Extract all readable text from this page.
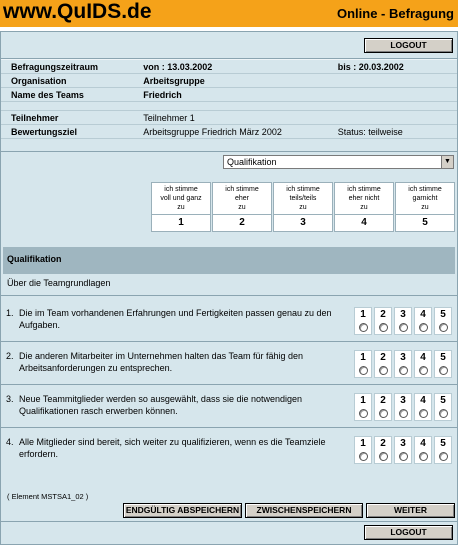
www.QuIDS.de	Online - Befragung
LOGOUT
Befragungszeitraum	von : 13.03.2002	bis : 20.03.2002
Organisation	Arbeitsgruppe	
Name des Teams	Friedrich	

Teilnehmer	Teilnehmer 1	
Bewertungsziel	Arbeitsgruppe Friedrich März 2002	Status: teilweise
Qualifikation	▼
ich stimme
voll und ganz
zu
1
ich stimme
eher
zu
2
ich stimme
teils/teils
zu
3
ich stimme
eher nicht
zu
4
ich stimme
garnicht
zu
5
Qualifikation
Über die Teamgrundlagen
1. Die im Team vorhandenen Erfahrungen und Fertigkeiten passen genau zu den Aufgaben.
1	2	3	4	5
2. Die anderen Mitarbeiter im Unternehmen halten das Team für fähig den Arbeitsanforderungen zu entsprechen.
1	2	3	4	5
3. Neue Teammitglieder werden so ausgewählt, dass sie die notwendigen Qualifikationen rasch erwerben können.
1	2	3	4	5
4. Alle Mitglieder sind bereit, sich weiter zu qualifizieren, wenn es die Teamziele erfordern.
1	2	3	4	5
( Element MSTSA1_02 )
ENDGÜLTIG ABSPEICHERN	ZWISCHENSPEICHERN	WEITER
LOGOUT
